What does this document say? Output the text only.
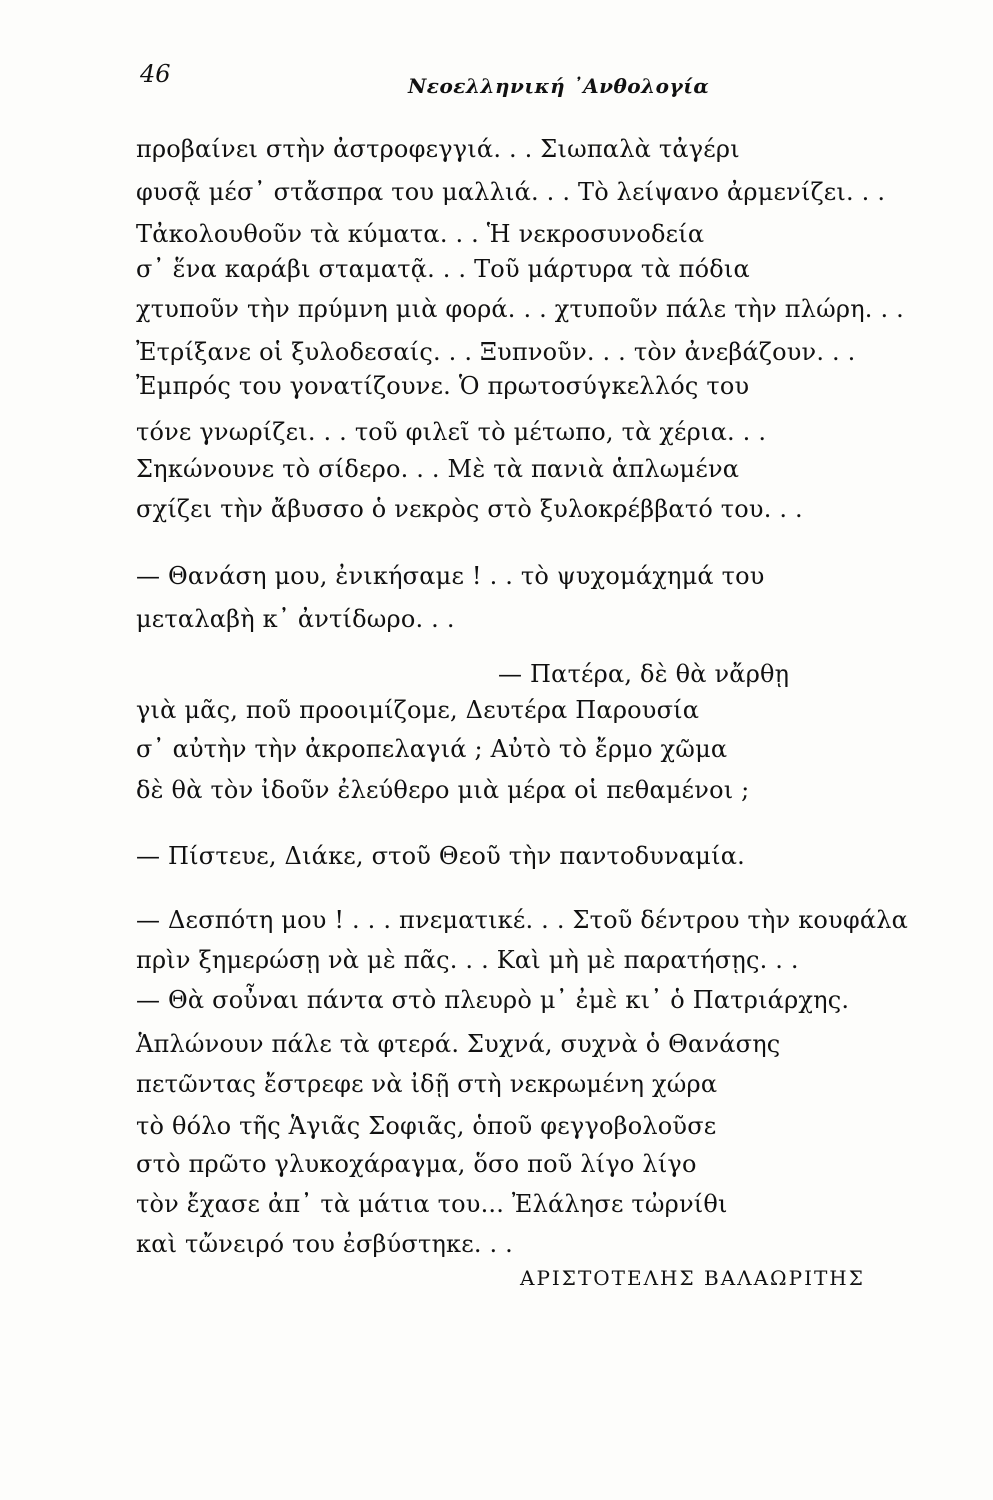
46	Νεοελληνική ᾿Ανθολογία
προβαίνει στὴν ἀστροφεγγιά. . . Σιωπαλὰ τἀγέρι
φυσᾷ μέσ᾿ στἄσπρα του μαλλιά. . . Τὸ λείψανο ἀρμενίζει. . .
Τἀκολουθοῦν τὰ κύματα. . . Ἡ νεκροσυνοδεία
σ᾿ ἕνα καράβι σταματᾷ. . . Τοῦ μάρτυρα τὰ πόδια
χτυποῦν τὴν πρύμνη μιὰ φορά. . . χτυποῦν πάλε τὴν πλώρη. . .
Ἐτρίξανε οἱ ξυλοδεσαίς. . . Ξυπνοῦν. . . τὸν ἀνεβάζουν. . .
Ἐμπρός του γονατίζουνε. Ὁ πρωτοσύγκελλός του
τόνε γνωρίζει. . . τοῦ φιλεῖ τὸ μέτωπο, τὰ χέρια. . .
Σηκώνουνε τὸ σίδερο. . . Μὲ τὰ πανιὰ ἁπλωμένα
σχίζει τὴν ἄβυσσο ὁ νεκρὸς στὸ ξυλοκρέββατό του. . .
— Θανάση μου, ἐνικήσαμε ! . . τὸ ψυχομάχημά του
μεταλαβὴ κ᾿ ἀντίδωρο. . .
— Πατέρα, δὲ θὰ νἄρθῃ
γιὰ μᾶς, ποῦ προοιμίζομε, Δευτέρα Παρουσία
σ᾿ αὐτὴν τὴν ἀκροπελαγιά ; Αὐτὸ τὸ ἔρμο χῶμα
δὲ θὰ τὸν ἰδοῦν ἐλεύθερο μιὰ μέρα οἱ πεθαμένοι ;
— Πίστευε, Διάκε, στοῦ Θεοῦ τὴν παντοδυναμία.
— Δεσπότη μου ! . . . πνεματικέ. . . Στοῦ δέντρου τὴν κουφάλα
πρὶν ξημερώσῃ νὰ μὲ πᾶς. . . Καὶ μὴ μὲ παρατήσῃς. . .
— Θὰ σοὖναι πάντα στὸ πλευρὸ μ᾿ ἐμὲ κι᾿ ὁ Πατριάρχης.
Ἁπλώνουν πάλε τὰ φτερά. Συχνά, συχνὰ ὁ Θανάσης
πετῶντας ἔστρεφε νὰ ἰδῇ στὴ νεκρωμένη χώρα
τὸ θόλο τῆς Ἁγιᾶς Σοφιᾶς, ὁποῦ φεγγοβολοῦσε
στὸ πρῶτο γλυκοχάραγμα, ὅσο ποῦ λίγο λίγο
τὸν ἔχασε ἀπ᾿ τὰ μάτια του... Ἐλάλησε τὠρνίθι
καὶ τὤνειρό του ἐσβύστηκε. . .
ΑΡΙΣΤΟΤΕΛΗΣ ΒΑΛΑΩΡΙΤΗΣ
